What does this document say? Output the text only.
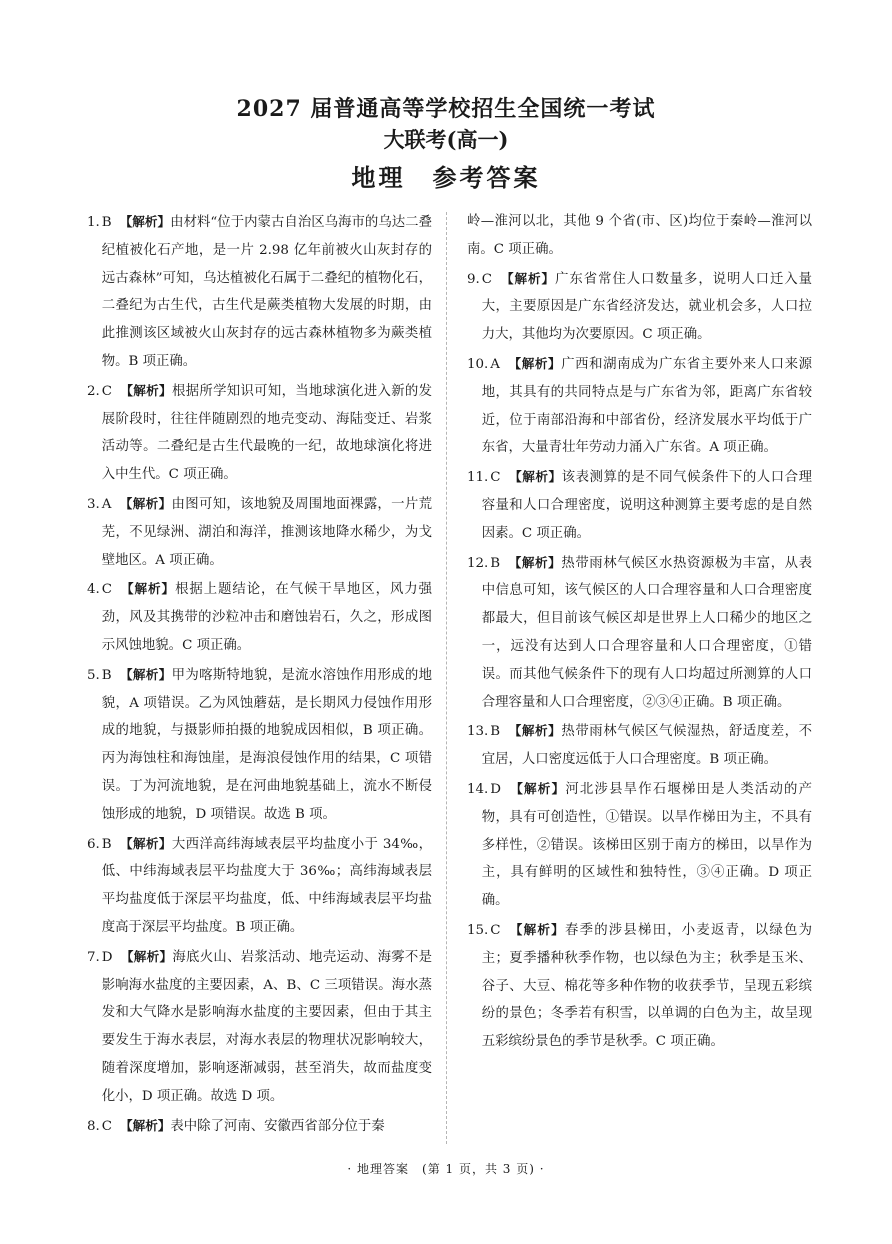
2027 届普通高等学校招生全国统一考试
大联考(高一)
地理　参考答案
1. B 【解析】由材料“位于内蒙古自治区乌海市的乌达二叠纪植被化石产地，是一片 2.98 亿年前被火山灰封存的远古森林”可知，乌达植被化石属于二叠纪的植物化石，二叠纪为古生代，古生代是蕨类植物大发展的时期，由此推测该区域被火山灰封存的远古森林植物多为蕨类植物。B 项正确。
2. C 【解析】根据所学知识可知，当地球演化进入新的发展阶段时，往往伴随剧烈的地壳变动、海陆变迁、岩浆活动等。二叠纪是古生代最晚的一纪，故地球演化将进入中生代。C 项正确。
3. A 【解析】由图可知，该地貌及周围地面裸露，一片荒芜，不见绿洲、湖泊和海洋，推测该地降水稀少，为戈壁地区。A 项正确。
4. C 【解析】根据上题结论，在气候干旱地区，风力强劲，风及其携带的沙粒冲击和磨蚀岩石，久之，形成图示风蚀地貌。C 项正确。
5. B 【解析】甲为喀斯特地貌，是流水溶蚀作用形成的地貌，A 项错误。乙为风蚀蘑菇，是长期风力侵蚀作用形成的地貌，与摄影师拍摄的地貌成因相似，B 项正确。丙为海蚀柱和海蚀崖，是海浪侵蚀作用的结果，C 项错误。丁为河流地貌，是在河曲地貌基础上，流水不断侵蚀形成的地貌，D 项错误。故选 B 项。
6. B 【解析】大西洋高纬海域表层平均盐度小于 34‰，低、中纬海域表层平均盐度大于 36‰；高纬海域表层平均盐度低于深层平均盐度，低、中纬海域表层平均盐度高于深层平均盐度。B 项正确。
7. D 【解析】海底火山、岩浆活动、地壳运动、海雾不是影响海水盐度的主要因素，A、B、C 三项错误。海水蒸发和大气降水是影响海水盐度的主要因素，但由于其主要发生于海水表层，对海水表层的物理状况影响较大，随着深度增加，影响逐渐减弱，甚至消失，故而盐度变化小，D 项正确。故选 D 项。
8. C 【解析】表中除了河南、安徽西省部分位于秦
岭—淮河以北，其他 9 个省(市、区)均位于秦岭—淮河以南。C 项正确。
9. C 【解析】广东省常住人口数量多，说明人口迁入量大，主要原因是广东省经济发达，就业机会多，人口拉力大，其他均为次要原因。C 项正确。
10. A 【解析】广西和湖南成为广东省主要外来人口来源地，其具有的共同特点是与广东省为邻，距离广东省较近，位于南部沿海和中部省份，经济发展水平均低于广东省，大量青壮年劳动力涌入广东省。A 项正确。
11. C 【解析】该表测算的是不同气候条件下的人口合理容量和人口合理密度，说明这种测算主要考虑的是自然因素。C 项正确。
12. B 【解析】热带雨林气候区水热资源极为丰富，从表中信息可知，该气候区的人口合理容量和人口合理密度都最大，但目前该气候区却是世界上人口稀少的地区之一，远没有达到人口合理容量和人口合理密度，①错误。而其他气候条件下的现有人口均超过所测算的人口合理容量和人口合理密度，②③④正确。B 项正确。
13. B 【解析】热带雨林气候区气候湿热，舒适度差，不宜居，人口密度远低于人口合理密度。B 项正确。
14. D 【解析】河北涉县旱作石堰梯田是人类活动的产物，具有可创造性，①错误。以旱作梯田为主，不具有多样性，②错误。该梯田区别于南方的梯田，以旱作为主，具有鲜明的区域性和独特性，③④正确。D 项正确。
15. C 【解析】春季的涉县梯田，小麦返青，以绿色为主；夏季播种秋季作物，也以绿色为主；秋季是玉米、谷子、大豆、棉花等多种作物的收获季节，呈现五彩缤纷的景色；冬季若有积雪，以单调的白色为主，故呈现五彩缤纷景色的季节是秋季。C 项正确。
· 地理答案　(第 1 页，共 3 页) ·
